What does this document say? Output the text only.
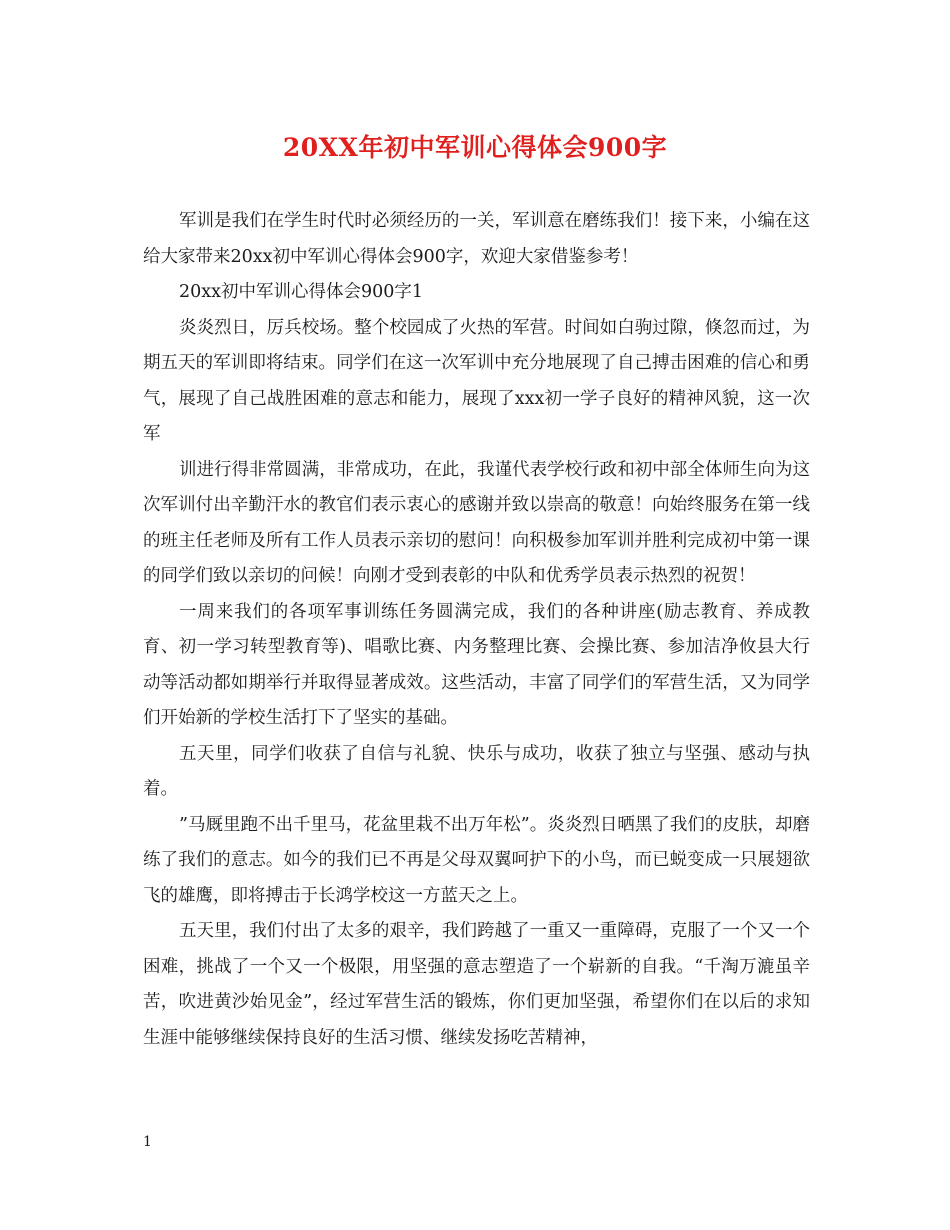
20XX年初中军训心得体会900字

军训是我们在学生时代时必须经历的一关，军训意在磨练我们！接下来，小编在这给大家带来20xx初中军训心得体会900字，欢迎大家借鉴参考！

20xx初中军训心得体会900字1

炎炎烈日，厉兵校场。整个校园成了火热的军营。时间如白驹过隙，倏忽而过，为期五天的军训即将结束。同学们在这一次军训中充分地展现了自己搏击困难的信心和勇气，展现了自己战胜困难的意志和能力，展现了xxx初一学子良好的精神风貌，这一次军

训进行得非常圆满，非常成功，在此，我谨代表学校行政和初中部全体师生向为这次军训付出辛勤汗水的教官们表示衷心的感谢并致以崇高的敬意！向始终服务在第一线的班主任老师及所有工作人员表示亲切的慰问！向积极参加军训并胜利完成初中第一课的同学们致以亲切的问候！向刚才受到表彰的中队和优秀学员表示热烈的祝贺！

一周来我们的各项军事训练任务圆满完成，我们的各种讲座(励志教育、养成教育、初一学习转型教育等)、唱歌比赛、内务整理比赛、会操比赛、参加洁净攸县大行动等活动都如期举行并取得显著成效。这些活动，丰富了同学们的军营生活，又为同学们开始新的学校生活打下了坚实的基础。

五天里，同学们收获了自信与礼貌、快乐与成功，收获了独立与坚强、感动与执着。

”马厩里跑不出千里马，花盆里栽不出万年松”。炎炎烈日晒黑了我们的皮肤，却磨练了我们的意志。如今的我们已不再是父母双翼呵护下的小鸟，而已蜕变成一只展翅欲飞的雄鹰，即将搏击于长鸿学校这一方蓝天之上。

五天里，我们付出了太多的艰辛，我们跨越了一重又一重障碍，克服了一个又一个困难，挑战了一个又一个极限，用坚强的意志塑造了一个崭新的自我。“千淘万漉虽辛苦，吹进黄沙始见金”，经过军营生活的锻炼，你们更加坚强，希望你们在以后的求知生涯中能够继续保持良好的生活习惯、继续发扬吃苦精神，

1
